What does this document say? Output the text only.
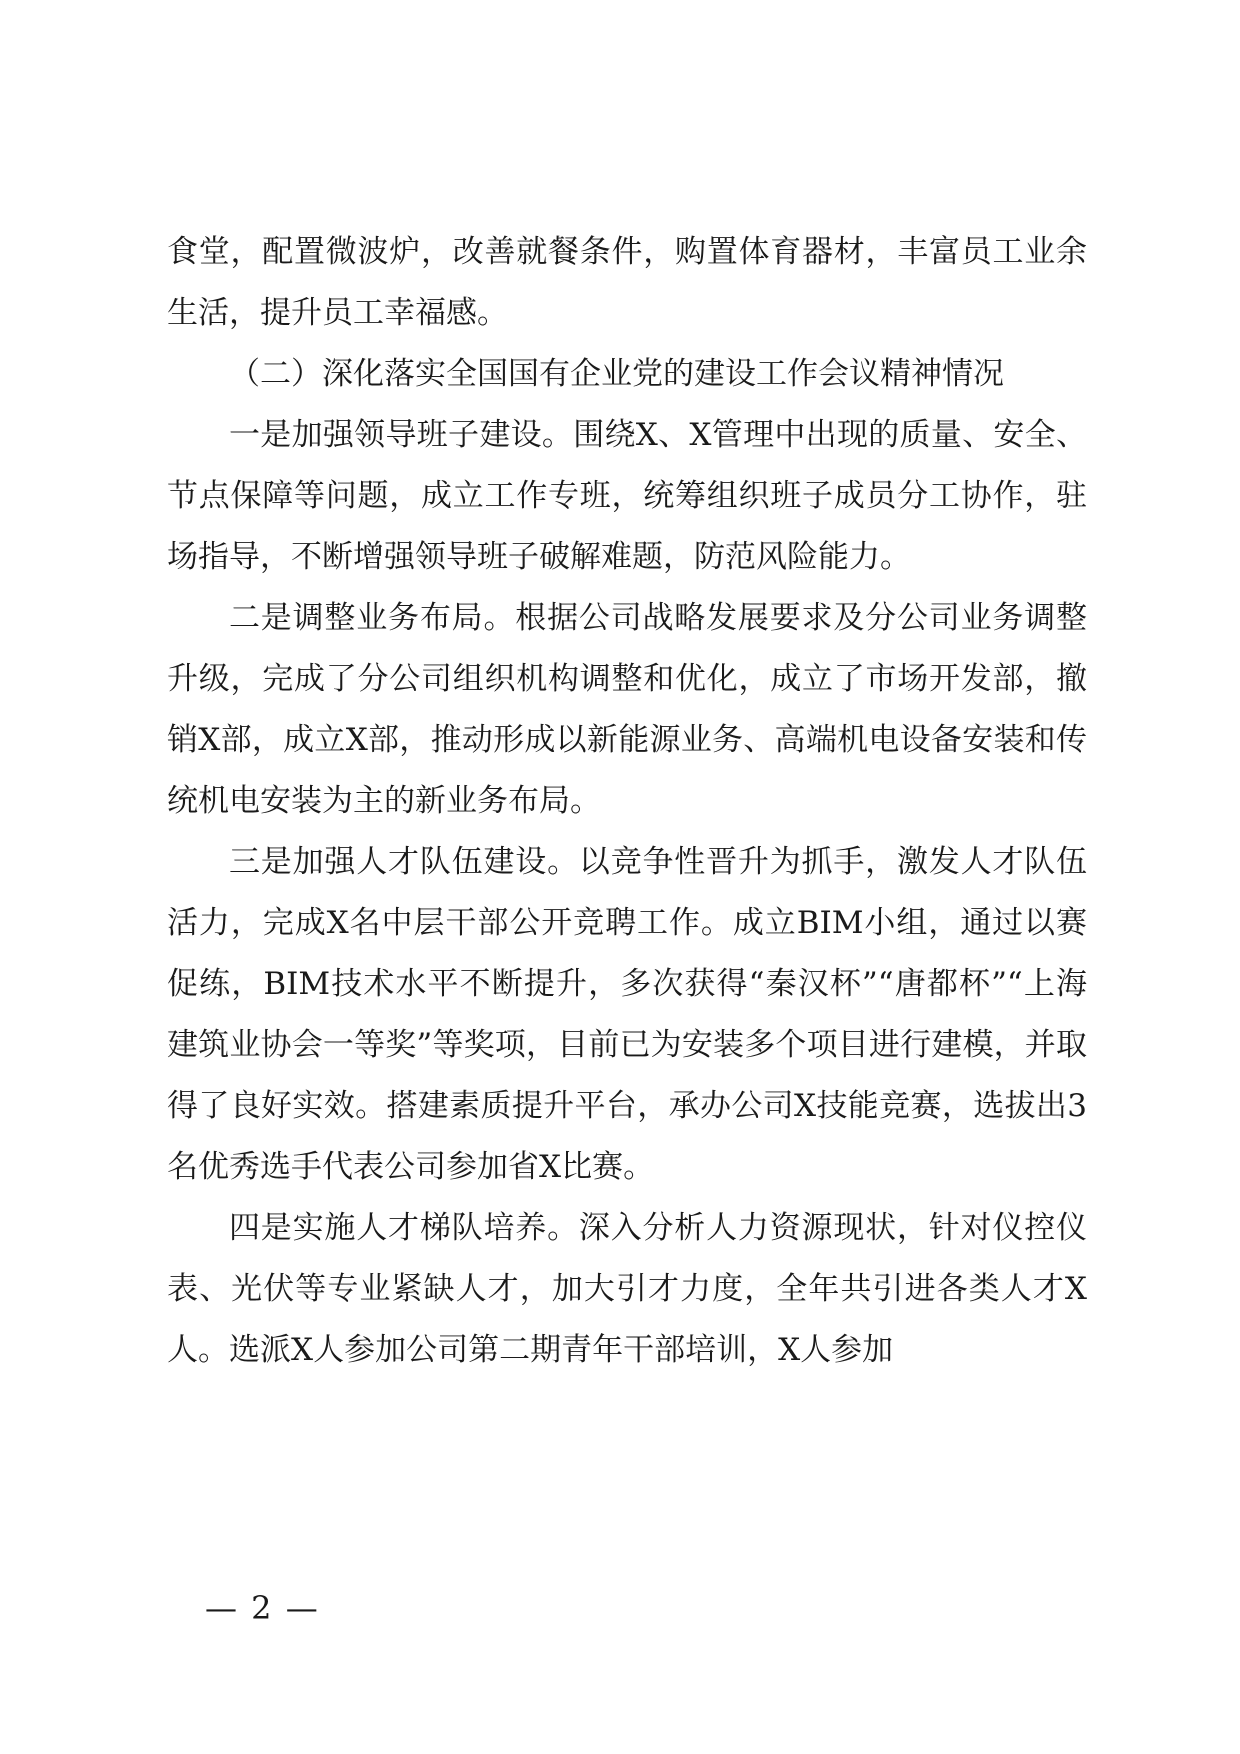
食堂，配置微波炉，改善就餐条件，购置体育器材，丰富员工业余生活，提升员工幸福感。

（二）深化落实全国国有企业党的建设工作会议精神情况

一是加强领导班子建设。围绕X、X管理中出现的质量、安全、节点保障等问题，成立工作专班，统筹组织班子成员分工协作，驻场指导，不断增强领导班子破解难题，防范风险能力。

二是调整业务布局。根据公司战略发展要求及分公司业务调整升级，完成了分公司组织机构调整和优化，成立了市场开发部，撤销X部，成立X部，推动形成以新能源业务、高端机电设备安装和传统机电安装为主的新业务布局。

三是加强人才队伍建设。以竞争性晋升为抓手，激发人才队伍活力，完成X名中层干部公开竞聘工作。成立BIM小组，通过以赛促练，BIM技术水平不断提升，多次获得“秦汉杯”“唐都杯”“上海建筑业协会一等奖”等奖项，目前已为安装多个项目进行建模，并取得了良好实效。搭建素质提升平台，承办公司X技能竞赛，选拔出3名优秀选手代表公司参加省X比赛。

四是实施人才梯队培养。深入分析人力资源现状，针对仪控仪表、光伏等专业紧缺人才，加大引才力度，全年共引进各类人才X人。选派X人参加公司第二期青年干部培训，X人参加

— 2 —
